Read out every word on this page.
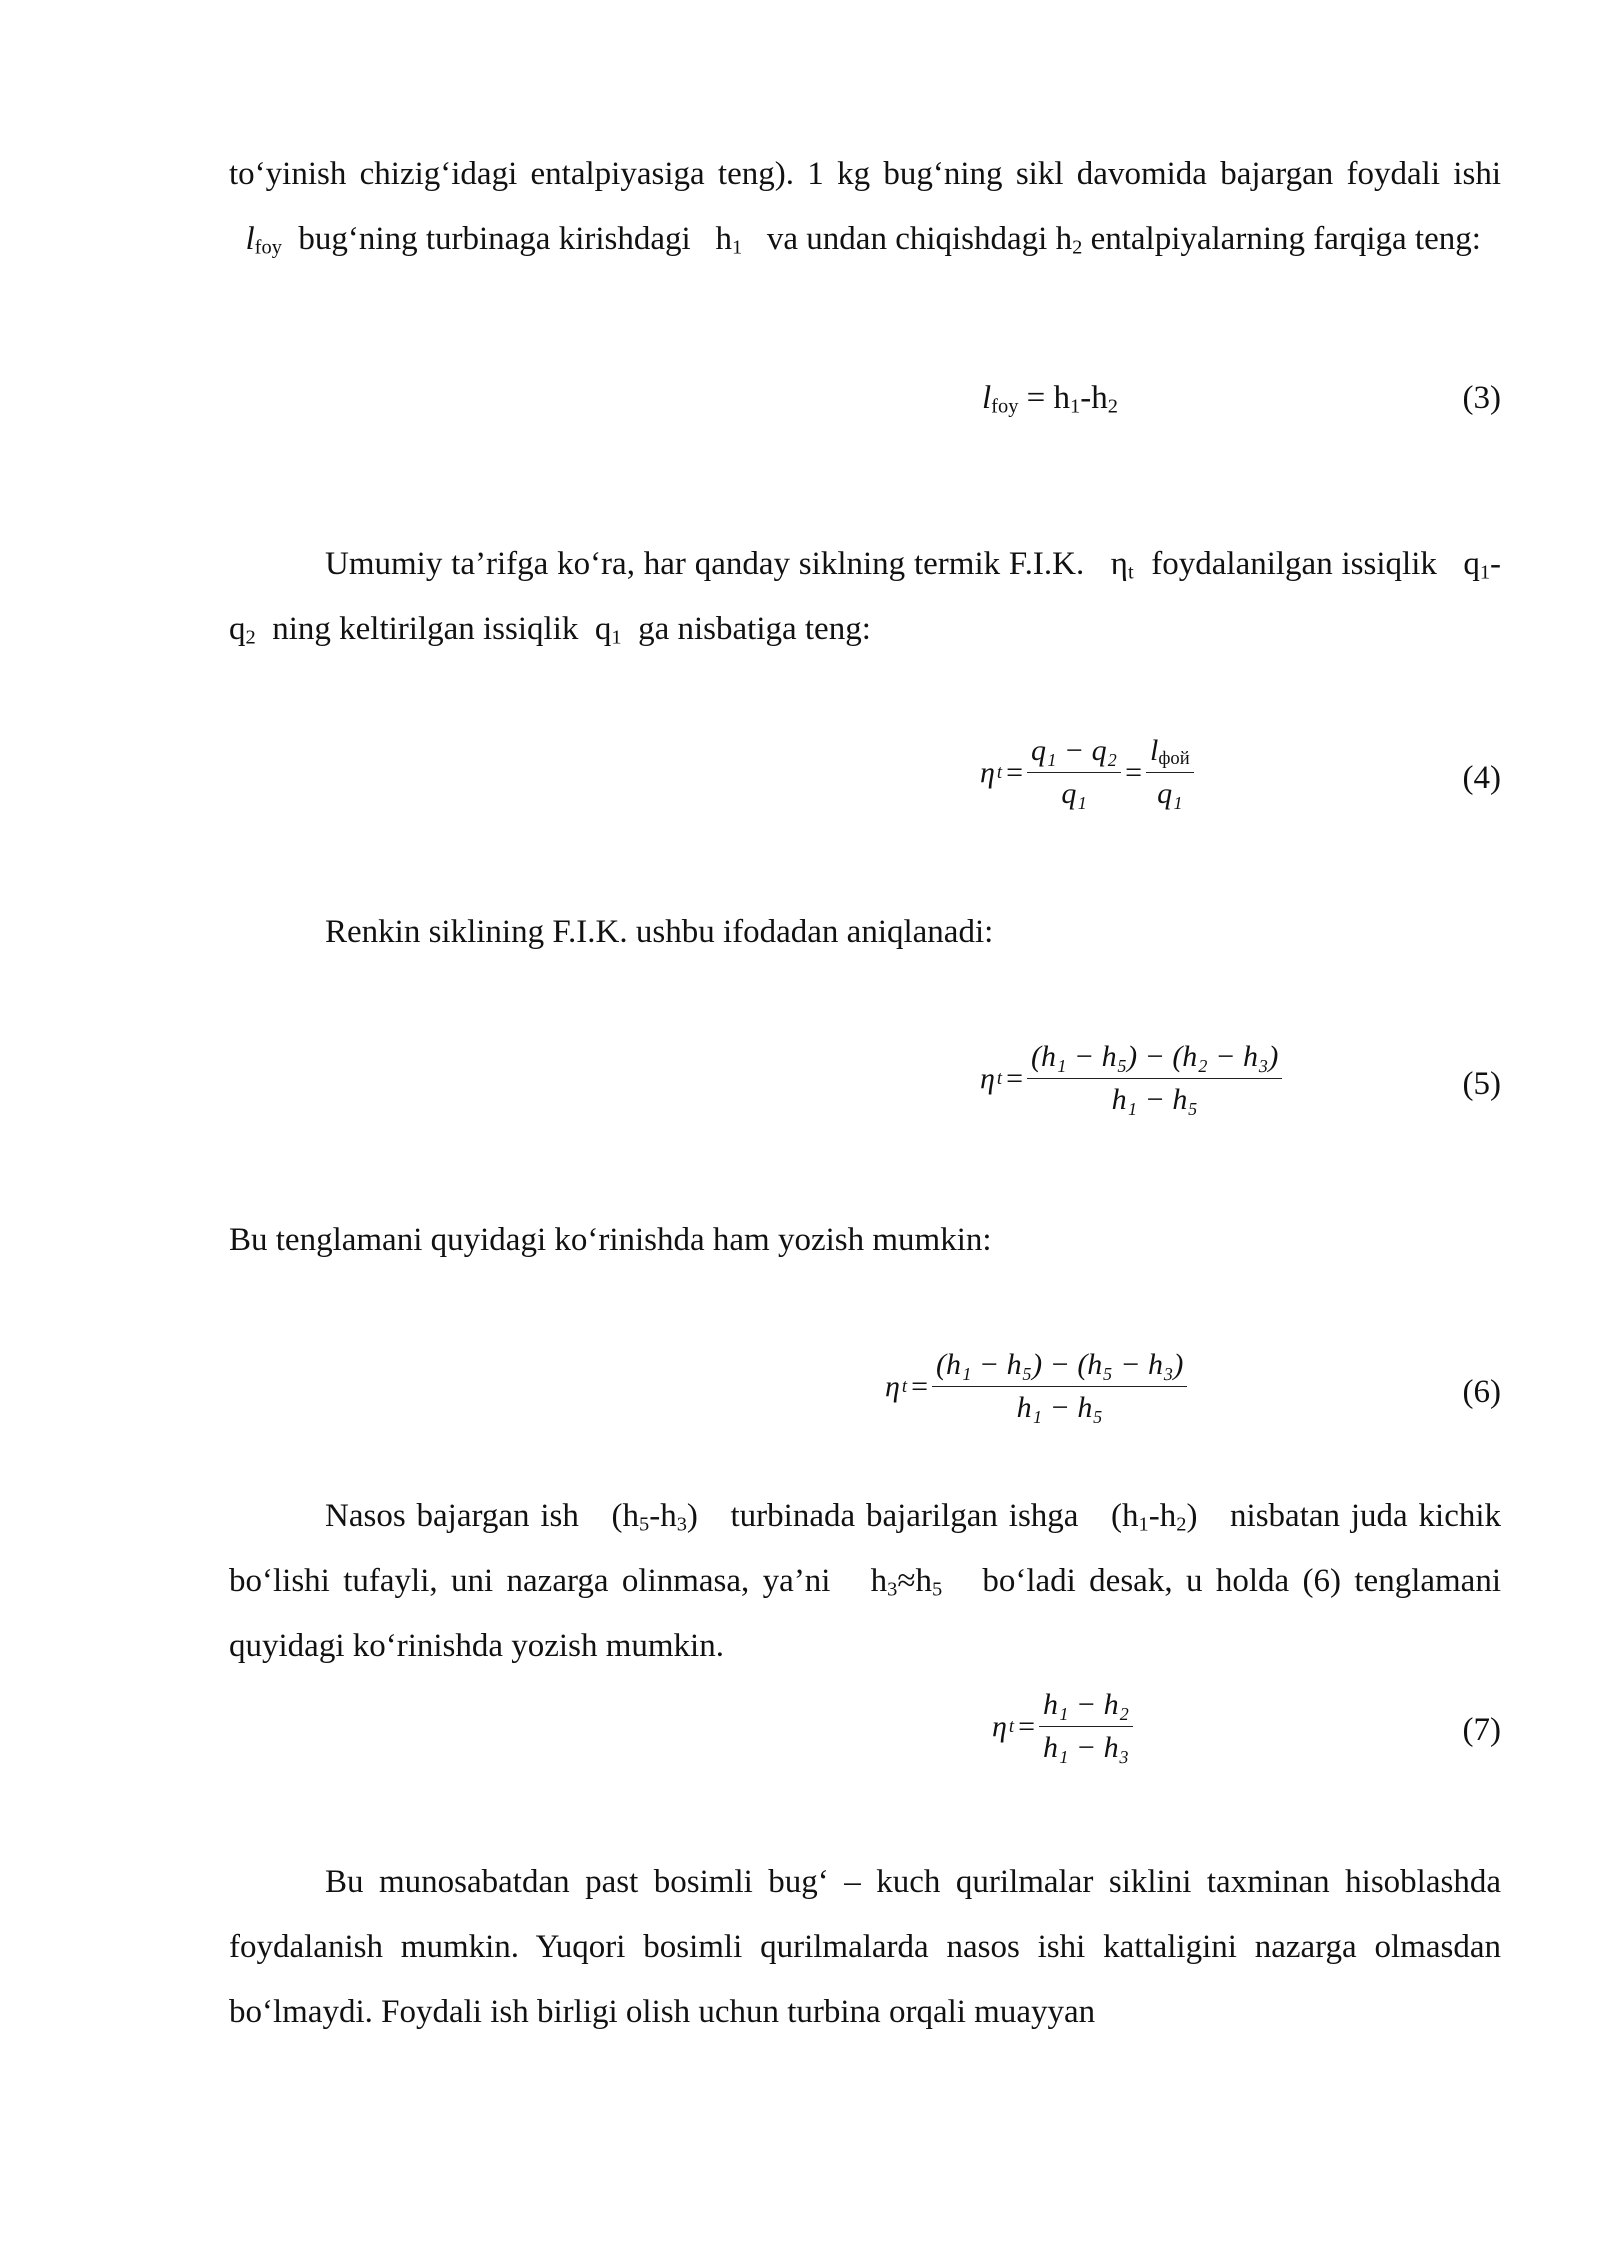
to‘yinish chizig‘idagi entalpiyasiga teng). 1 kg bug‘ning sikl davomida bajargan foydali ishi   $l_{foy}$ bug‘ning turbinaga kirishdagi $h_1$ va undan chiqishdagi $h_2$ entalpiyalarning farqiga teng:

$l_{foy} = h_1-h_2$	(3)

Umumiy ta’rifga ko‘ra, har qanday siklning termik F.I.K. $\eta_t$ foydalanilgan issiqlik $q_1-q_2$ ning keltirilgan issiqlik $q_1$ ga nisbatiga teng:

η $t = \frac{\text{q₁ − q₂}}{\text{q₁}} = \frac{l_{фой}}{\text{q₁}}$	(4)

Renkin siklining F.I.K. ushbu ifodadan aniqlanadi:

η $t = \frac{\text{(h₁ − h₅) − (h₂ − h₃)}}{\text{h₁ − h₅}}$	(5)

Bu tenglamani quyidagi ko‘rinishda ham yozish mumkin:

η $t = \frac{\text{(h₁ − h₅) − (h₅ − h₃)}}{\text{h₁ − h₅}}$	(6)

Nasos bajargan ish $(h_5-h_3)$ turbinada bajarilgan ishga $(h_1-h_2)$ nisbatan juda kichik bo‘lishi tufayli, uni nazarga olinmasa, ya’ni $h_3\approx h_5$ bo‘ladi desak, u holda (6) tenglamani quyidagi ko‘rinishda yozish mumkin.

η $t = \frac{\text{h₁ − h₂}}{\text{h₁ − h₃}}$	(7)

Bu munosabatdan past bosimli bug‘ – kuch qurilmalar siklini taxminan hisoblashda foydalanish mumkin. Yuqori bosimli qurilmalarda nasos ishi kattaligini nazarga olmasdan bo‘lmaydi. Foydali ish birligi olish uchun turbina orqali muayyan
